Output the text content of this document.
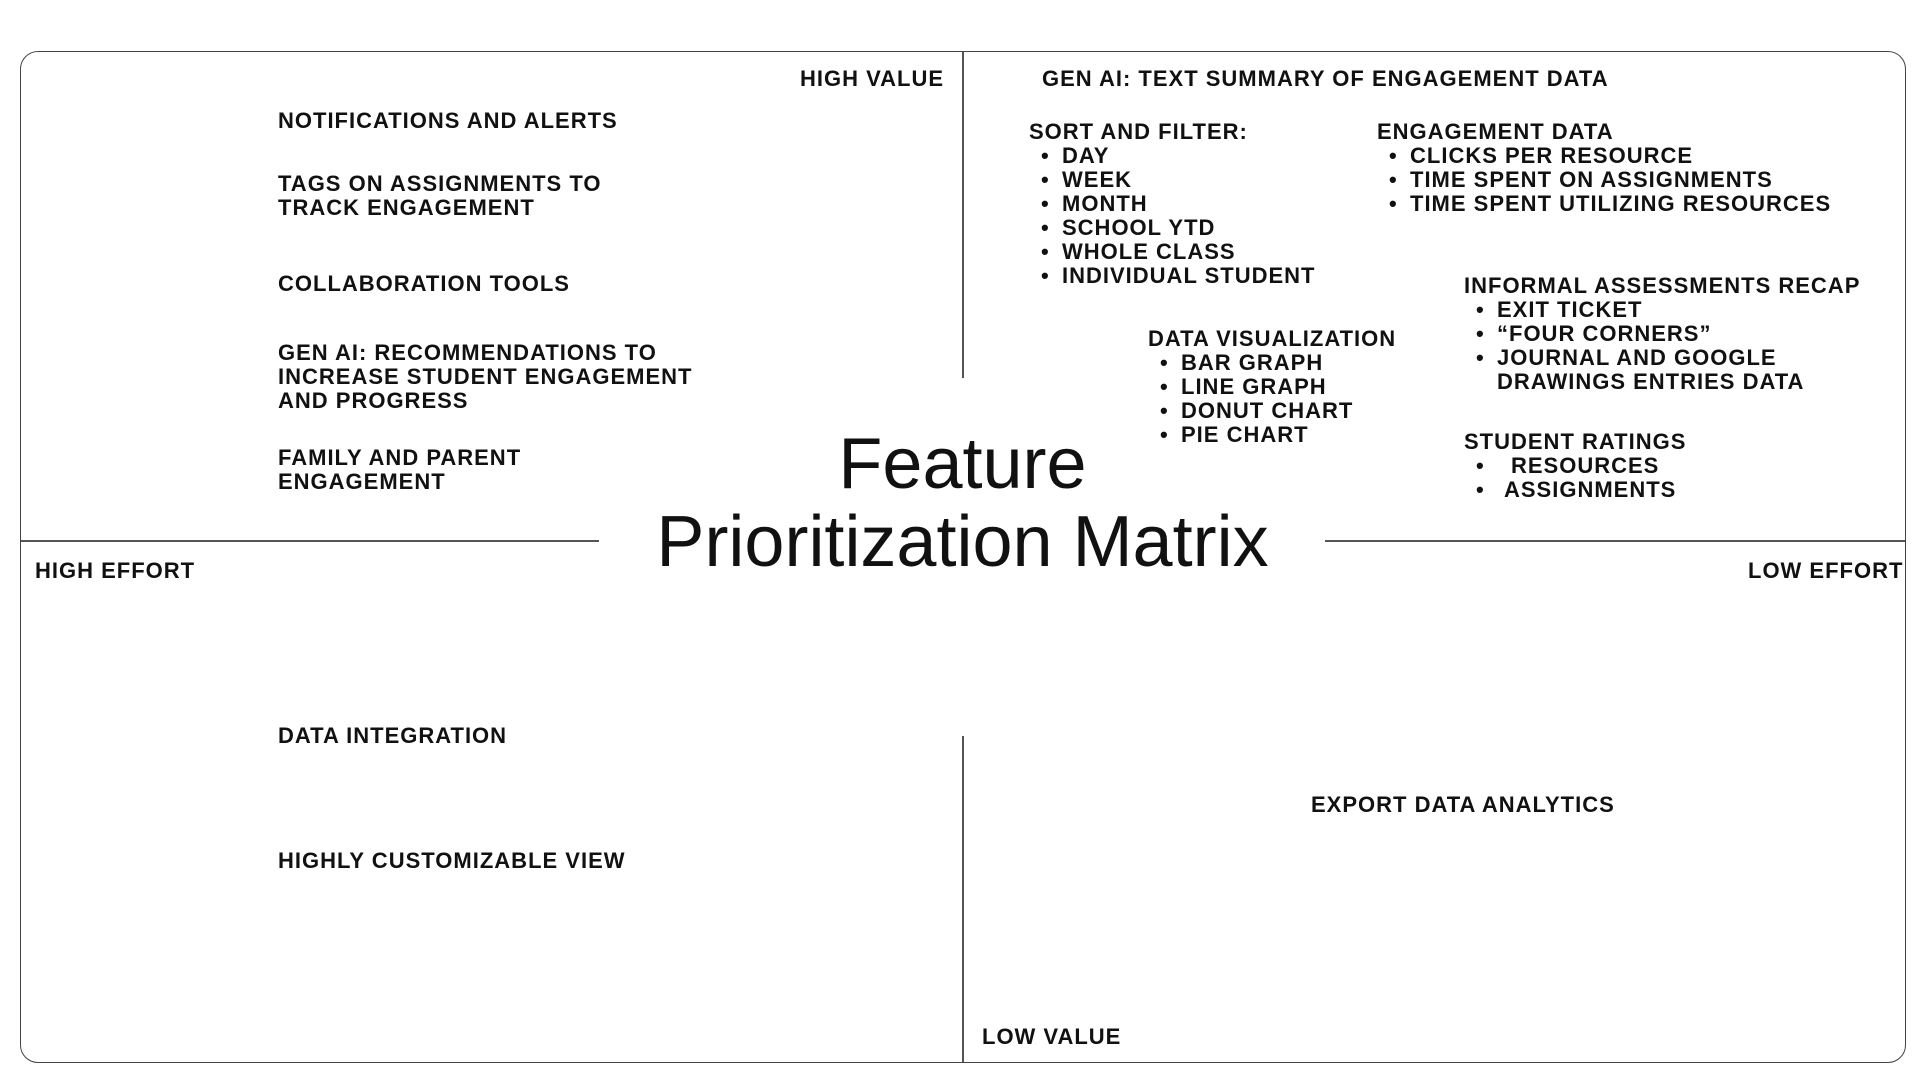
HIGH VALUE
LOW VALUE
HIGH EFFORT	LOW EFFORT
Feature
Prioritization Matrix
NOTIFICATIONS AND ALERTS
TAGS ON ASSIGNMENTS TO
TRACK ENGAGEMENT
COLLABORATION TOOLS
GEN AI: RECOMMENDATIONS TO
INCREASE STUDENT ENGAGEMENT
AND PROGRESS
FAMILY AND PARENT
ENGAGEMENT
GEN AI: TEXT SUMMARY OF ENGAGEMENT DATA
SORT AND FILTER:
• DAY
• WEEK
• MONTH
• SCHOOL YTD
• WHOLE CLASS
• INDIVIDUAL STUDENT
ENGAGEMENT DATA
• CLICKS PER RESOURCE
• TIME SPENT ON ASSIGNMENTS
• TIME SPENT UTILIZING RESOURCES
DATA VISUALIZATION
• BAR GRAPH
• LINE GRAPH
• DONUT CHART
• PIE CHART
INFORMAL ASSESSMENTS RECAP
• EXIT TICKET
• “FOUR CORNERS”
• JOURNAL AND GOOGLE
DRAWINGS ENTRIES DATA
STUDENT RATINGS
• RESOURCES
• ASSIGNMENTS
DATA INTEGRATION
HIGHLY CUSTOMIZABLE VIEW
EXPORT DATA ANALYTICS
